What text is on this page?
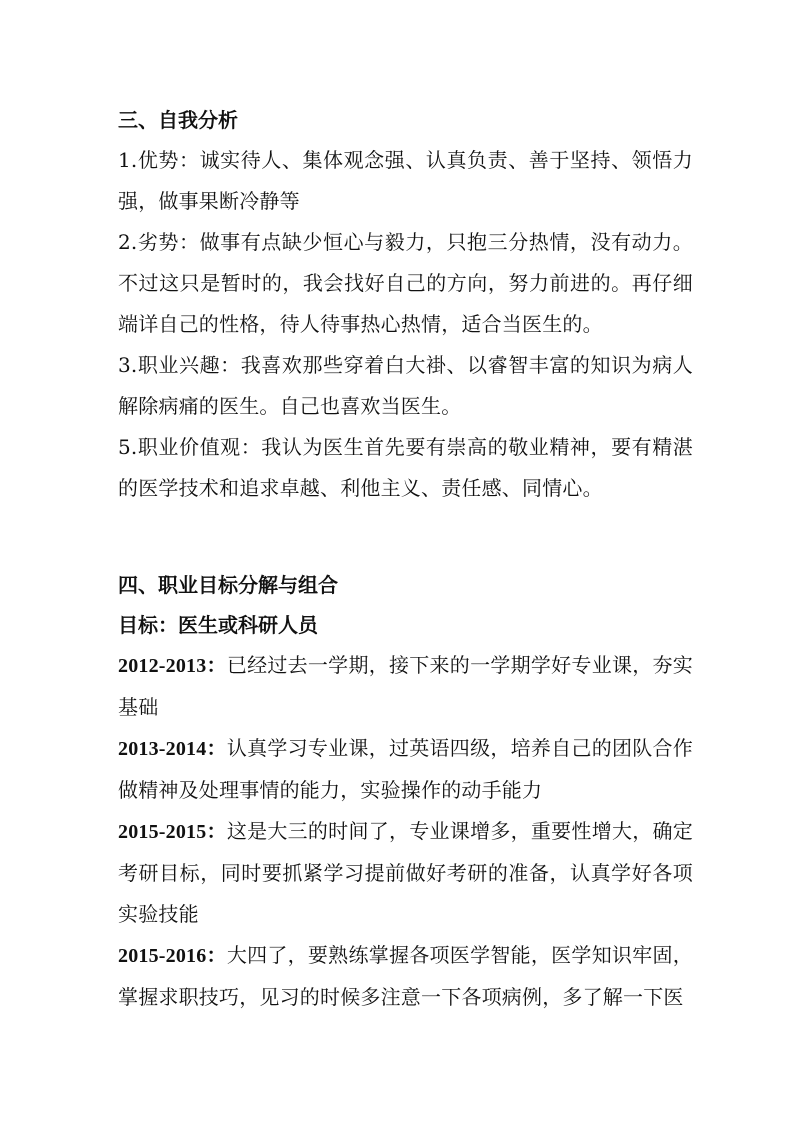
三、自我分析

1.优势：诚实待人、集体观念强、认真负责、善于坚持、领悟力强，做事果断冷静等

2.劣势：做事有点缺少恒心与毅力，只抱三分热情，没有动力。不过这只是暂时的，我会找好自己的方向，努力前进的。再仔细端详自己的性格，待人待事热心热情，适合当医生的。

3.职业兴趣：我喜欢那些穿着白大褂、以睿智丰富的知识为病人解除病痛的医生。自己也喜欢当医生。

5.职业价值观：我认为医生首先要有崇高的敬业精神，要有精湛的医学技术和追求卓越、利他主义、责任感、同情心。

四、职业目标分解与组合

目标：医生或科研人员

2012-2013：已经过去一学期，接下来的一学期学好专业课，夯实基础

2013-2014：认真学习专业课，过英语四级，培养自己的团队合作做精神及处理事情的能力，实验操作的动手能力

2015-2015：这是大三的时间了，专业课增多，重要性增大，确定考研目标，同时要抓紧学习提前做好考研的准备，认真学好各项实验技能

2015-2016：大四了，要熟练掌握各项医学智能，医学知识牢固，掌握求职技巧，见习的时候多注意一下各项病例，多了解一下医
